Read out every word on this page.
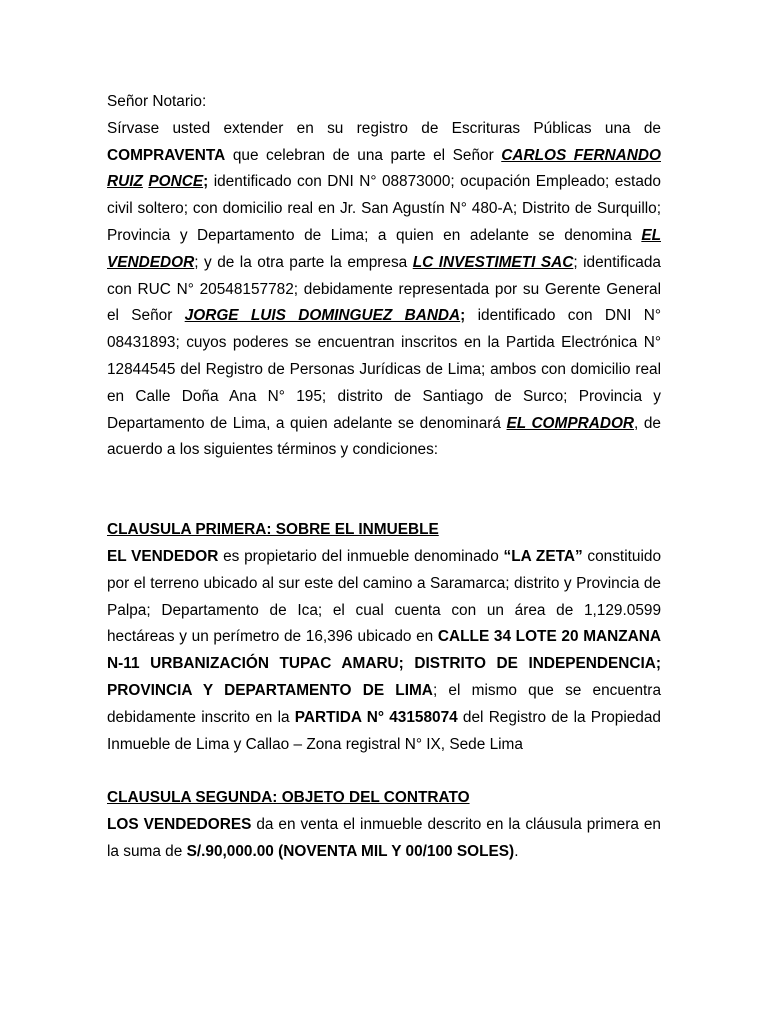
Señor Notario:

Sírvase usted extender en su registro de Escrituras Públicas una de COMPRAVENTA que celebran de una parte el Señor CARLOS FERNANDO RUIZ PONCE; identificado con DNI N° 08873000; ocupación Empleado; estado civil soltero; con domicilio real en Jr. San Agustín N° 480-A; Distrito de Surquillo; Provincia y Departamento de Lima; a quien en adelante se denomina EL VENDEDOR; y de la otra parte la empresa LC INVESTIMETI SAC; identificada con RUC N° 20548157782; debidamente representada por su Gerente General el Señor JORGE LUIS DOMINGUEZ BANDA; identificado con DNI N° 08431893; cuyos poderes se encuentran inscritos en la Partida Electrónica N° 12844545 del Registro de Personas Jurídicas de Lima; ambos con domicilio real en Calle Doña Ana N° 195; distrito de Santiago de Surco; Provincia y Departamento de Lima, a quien adelante se denominará EL COMPRADOR, de acuerdo a los siguientes términos y condiciones:

CLAUSULA PRIMERA: SOBRE EL INMUEBLE

EL VENDEDOR es propietario del inmueble denominado “LA ZETA” constituido por el terreno ubicado al sur este del camino a Saramarca; distrito y Provincia de Palpa; Departamento de Ica; el cual cuenta con un área de 1,129.0599 hectáreas y un perímetro de 16,396 ubicado en CALLE 34 LOTE 20 MANZANA N-11 URBANIZACIÓN TUPAC AMARU; DISTRITO DE INDEPENDENCIA; PROVINCIA Y DEPARTAMENTO DE LIMA; el mismo que se encuentra debidamente inscrito en la PARTIDA N° 43158074 del Registro de la Propiedad Inmueble de Lima y Callao – Zona registral N° IX, Sede Lima

CLAUSULA SEGUNDA: OBJETO DEL CONTRATO

LOS VENDEDORES da en venta el inmueble descrito en la cláusula primera en la suma de S/.90,000.00 (NOVENTA MIL Y 00/100 SOLES).
